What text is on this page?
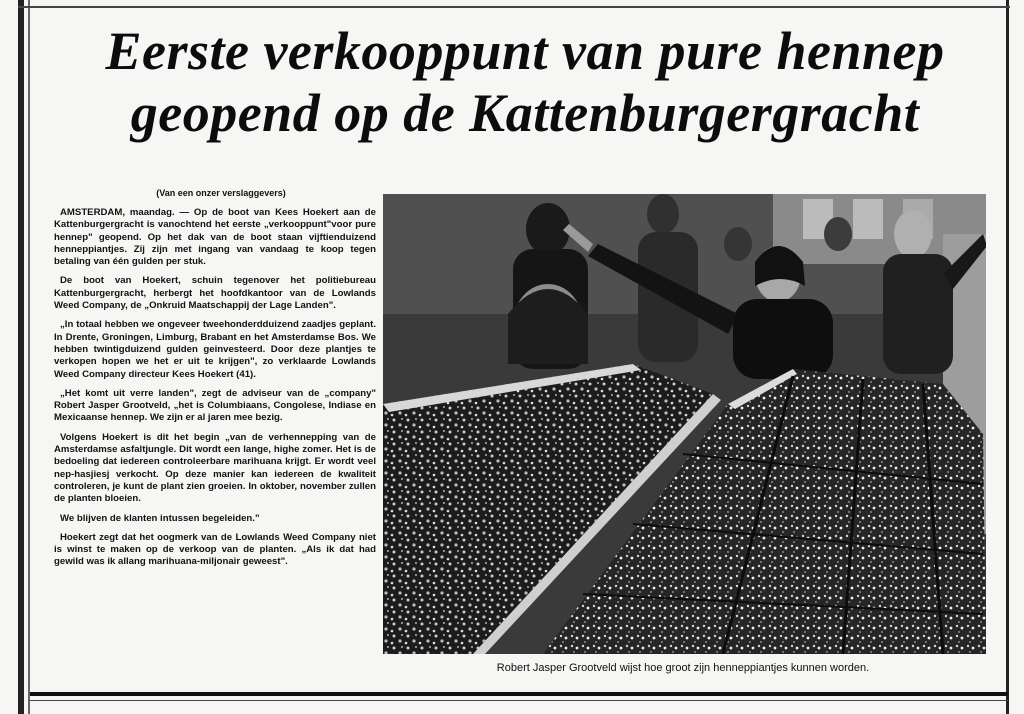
Eerste verkooppunt van pure hennep
geopend op de Kattenburgergracht
(Van een onzer verslaggevers)

AMSTERDAM, maandag. — Op de boot van Kees Hoekert aan de Kattenburgergracht is vanochtend het eerste „verkooppunt"voor pure hennep" geopend. Op het dak van de boot staan vijftienduizend henneppiantjes. Zij zijn met ingang van vandaag te koop tegen betaling van één gulden per stuk.

De boot van Hoekert, schuin tegenover het politiebureau Kattenburgergracht, herbergt het hoofdkantoor van de Lowlands Weed Company, de „Onkruid Maatschappij der Lage Landen".

„In totaal hebben we ongeveer tweehonderdduizend zaadjes geplant. In Drente, Groningen, Limburg, Brabant en het Amsterdamse Bos. We hebben twintigduizend gulden geinvesteerd. Door deze plantjes te verkopen hopen we het er uit te krijgen", zo verklaarde Lowlands Weed Company directeur Kees Hoekert (41).

„Het komt uit verre landen", zegt de adviseur van de „company" Robert Jasper Grootveld, „het is Columbiaans, Congolese, Indiase en Mexicaanse hennep. We zijn er al jaren mee bezig.

Volgens Hoekert is dit het begin „van de verhennepping van de Amsterdamse asfaltjungle. Dit wordt een lange, highe zomer. Het is de bedoeling dat iedereen controleerbare marihuana krijgt. Er wordt veel nep-hasjiesj verkocht. Op deze manier kan iedereen de kwaliteit controleren, je kunt de plant zien groeien. In oktober, november zullen de planten bloeien.

We blijven de klanten intussen begeleiden."

Hoekert zegt dat het oogmerk van de Lowlands Weed Company niet is winst te maken op de verkoop van de planten. „Als ik dat had gewild was ik allang marihuana-miljonair geweest".

Robert Jasper Grootveld wijst hoe groot zijn henneppiantjes kunnen worden.
